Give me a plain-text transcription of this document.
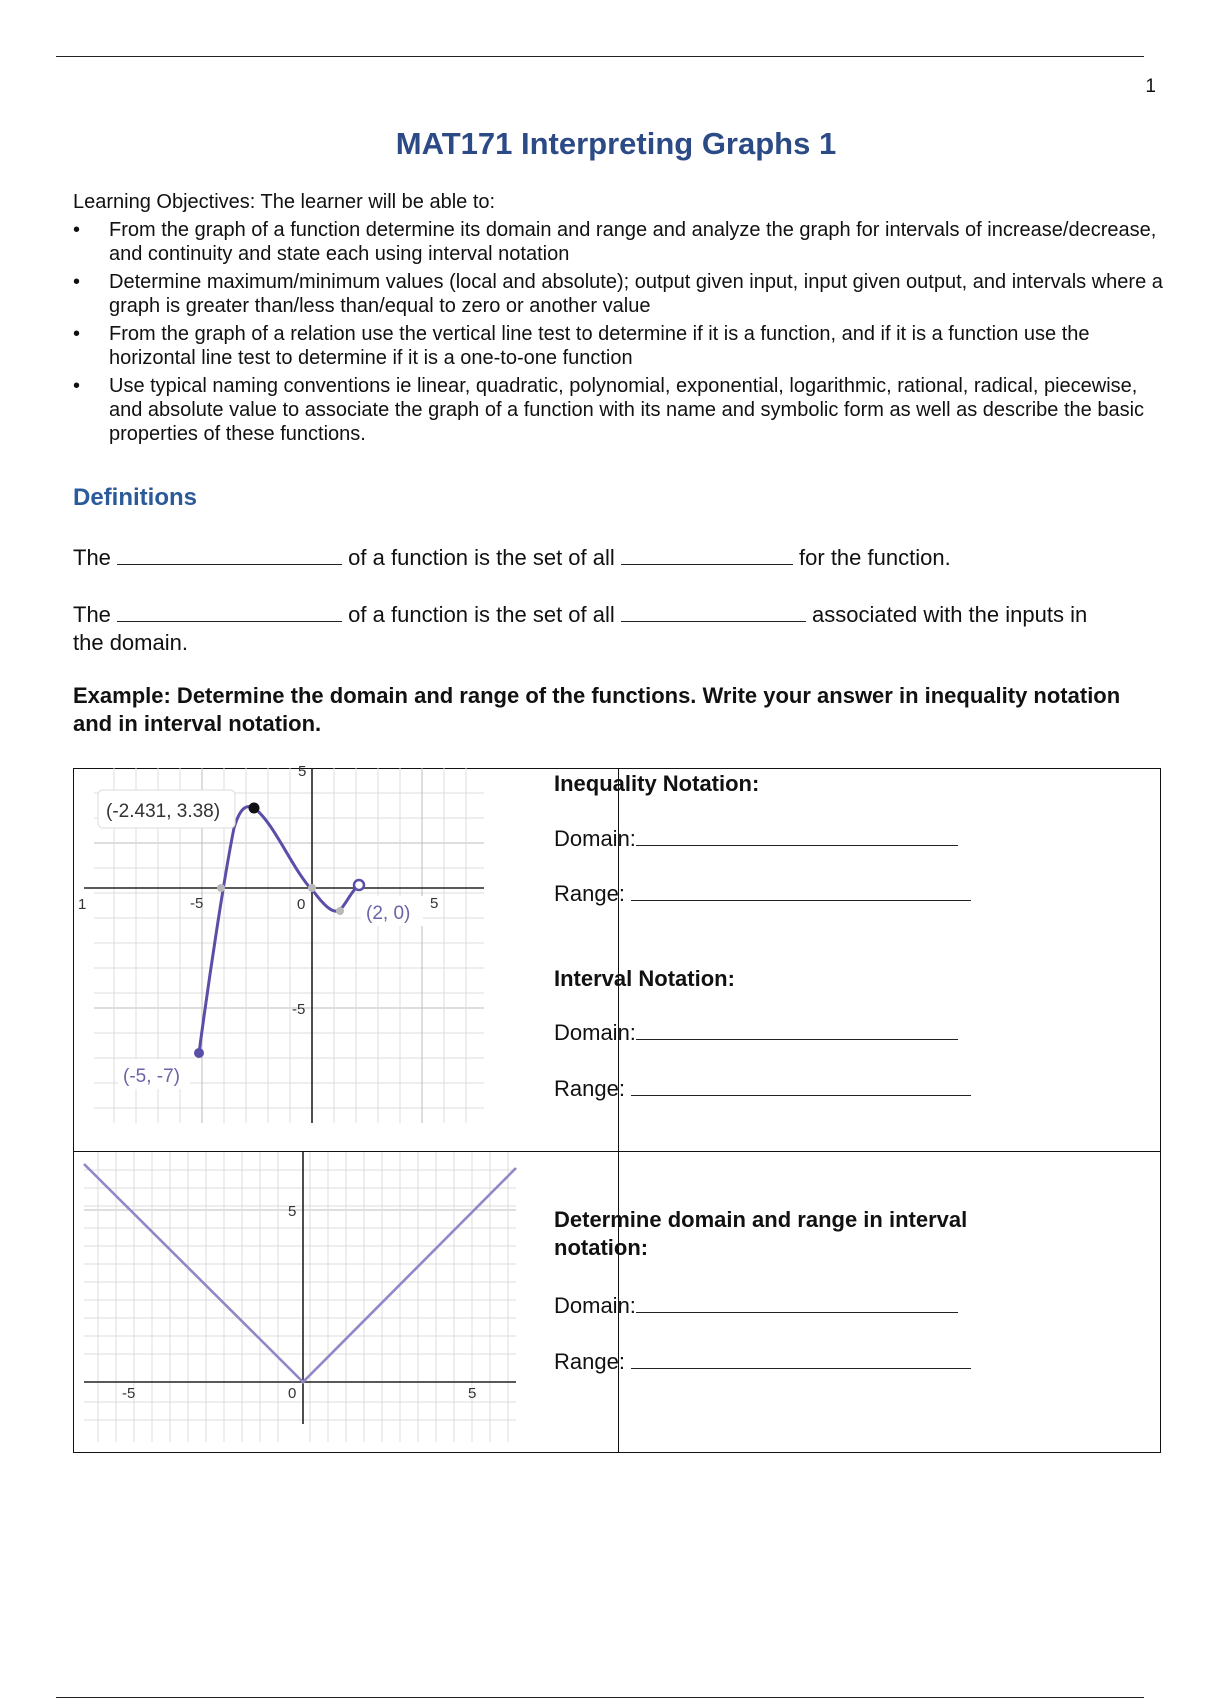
1
MAT171 Interpreting Graphs 1
Learning Objectives: The learner will be able to:
• From the graph of a function determine its domain and range and analyze the graph for intervals of increase/decrease, and continuity and state each using interval notation
• Determine maximum/minimum values (local and absolute); output given input, input given output, and intervals where a graph is greater than/less than/equal to zero or another value
• From the graph of a relation use the vertical line test to determine if it is a function, and if it is a function use the horizontal line test to determine if it is a one-to-one function
• Use typical naming conventions ie linear, quadratic, polynomial, exponential, logarithmic, rational, radical, piecewise, and absolute value to associate the graph of a function with its name and symbolic form as well as describe the basic properties of these functions.
Definitions
The	of a function is the set of all	for the function.
The	of a function is the set of all	associated with the inputs in
the domain.
Example: Determine the domain and range of the functions. Write your answer in inequality notation and in interval notation.
1	-5	0	5
-5
5
(-2.431, 3.38)
(2, 0)
(-5, -7)
-5	0	5
5
Inequality Notation:
Domain:
Range:
Interval Notation:
Domain:
Range:
Determine domain and range in interval notation:
Domain:
Range:
